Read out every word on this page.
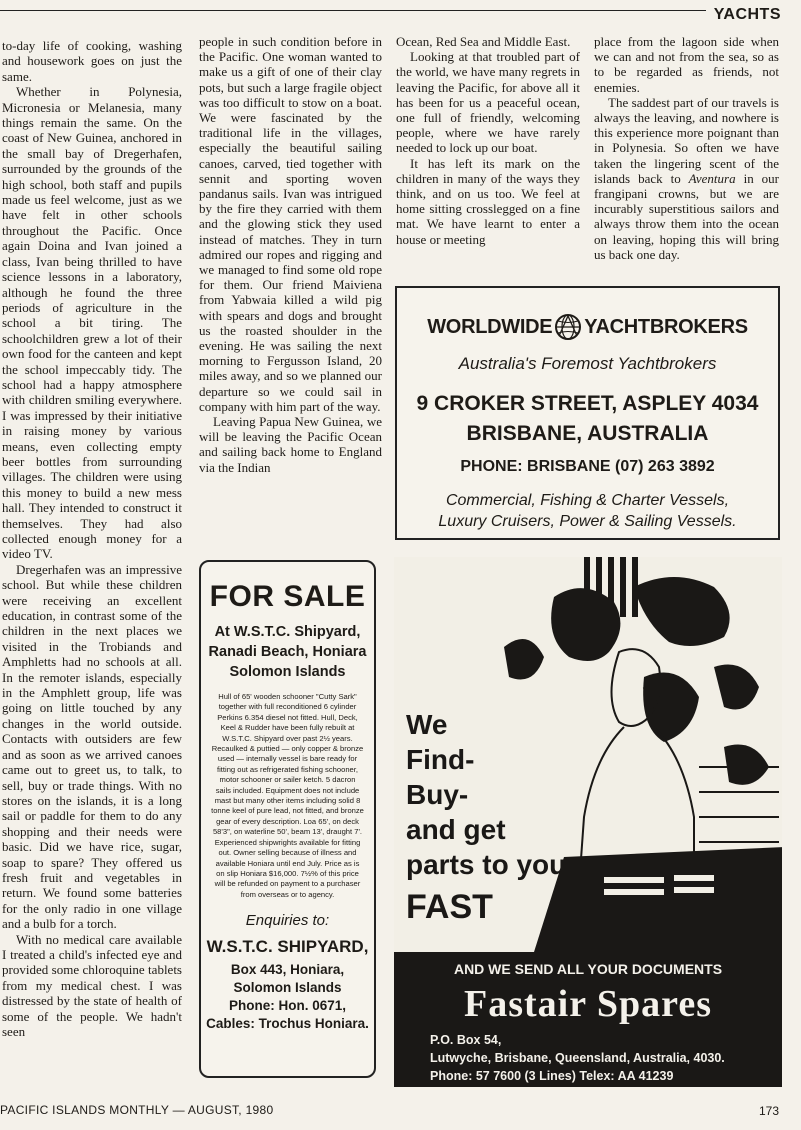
YACHTS

to-day life of cooking, washing and housework goes on just the same.

Whether in Polynesia, Micronesia or Melanesia, many things remain the same. On the coast of New Guinea, anchored in the small bay of Dregerhafen, surrounded by the grounds of the high school, both staff and pupils made us feel welcome, just as we have felt in other schools throughout the Pacific. Once again Doina and Ivan joined a class, Ivan being thrilled to have science lessons in a laboratory, although he found the three periods of agriculture in the school a bit tiring. The schoolchildren grew a lot of their own food for the canteen and kept the school impeccably tidy. The school had a happy atmosphere with children smiling everywhere. I was impressed by their initiative in raising money by various means, even collecting empty beer bottles from surrounding villages. The children were using this money to build a new mess hall. They intended to construct it themselves. They had also collected enough money for a video TV.

Dregerhafen was an impressive school. But while these children were receiving an excellent education, in contrast some of the children in the next places we visited in the Trobiands and Amphletts had no schools at all. In the remoter islands, especially in the Amphlett group, life was going on little touched by any changes in the world outside. Contacts with outsiders are few and as soon as we arrived canoes came out to greet us, to talk, to sell, buy or trade things. With no stores on the islands, it is a long sail or paddle for them to do any shopping and their needs were basic. Did we have rice, sugar, soap to spare? They offered us fresh fruit and vegetables in return. We found some batteries for the only radio in one village and a bulb for a torch.

With no medical care available I treated a child's infected eye and provided some chloroquine tablets from my medical chest. I was distressed by the state of health of some of the people. We hadn't seen

people in such condition before in the Pacific. One woman wanted to make us a gift of one of their clay pots, but such a large fragile object was too difficult to stow on a boat. We were fascinated by the traditional life in the villages, especially the beautiful sailing canoes, carved, tied together with sennit and sporting woven pandanus sails. Ivan was intrigued by the fire they carried with them and the glowing stick they used instead of matches. They in turn admired our ropes and rigging and we managed to find some old rope for them. Our friend Maiviena from Yabwaia killed a wild pig with spears and dogs and brought us the roasted shoulder in the evening. He was sailing the next morning to Fergusson Island, 20 miles away, and so we planned our departure so we could sail in company with him part of the way.

Leaving Papua New Guinea, we will be leaving the Pacific Ocean and sailing back home to England via the Indian

Ocean, Red Sea and Middle East.

Looking at that troubled part of the world, we have many regrets in leaving the Pacific, for above all it has been for us a peaceful ocean, one full of friendly, welcoming people, where we have rarely needed to lock up our boat.

It has left its mark on the children in many of the ways they think, and on us too. We feel at home sitting crosslegged on a fine mat. We have learnt to enter a house or meeting

place from the lagoon side when we can and not from the sea, so as to be regarded as friends, not enemies.

The saddest part of our travels is always the leaving, and nowhere is this experience more poignant than in Polynesia. So often we have taken the lingering scent of the islands back to Aventura in our frangipani crowns, but we are incurably superstitious sailors and always throw them into the ocean on leaving, hoping this will bring us back one day.

WORLDWIDE YACHTBROKERS
Australia's Foremost Yachtbrokers
9 CROKER STREET, ASPLEY 4034
BRISBANE, AUSTRALIA
PHONE: BRISBANE (07) 263 3892
Commercial, Fishing & Charter Vessels,
Luxury Cruisers, Power & Sailing Vessels.
FOR SALE
At W.S.T.C. Shipyard,
Ranadi Beach, Honiara
Solomon Islands
Hull of 65' wooden schooner "Cutty Sark" together with full reconditioned 6 cylinder Perkins 6.354 diesel not fitted. Hull, Deck, Keel & Rudder have been fully rebuilt at W.S.T.C. Shipyard over past 2½ years. Recaulked & puttied — only copper & bronze used — internally vessel is bare ready for fitting out as refrigerated fishing schooner, motor schooner or sailer ketch. 5 dacron sails included. Equipment does not include mast but many other items including solid 8 tonne keel of pure lead, not fitted, and bronze gear of every description. Loa 65', on deck 58'3", on waterline 50', beam 13', draught 7'. Experienced shipwrights available for fitting out. Owner selling because of illness and available Honiara until end July. Price as is on slip Honiara $16,000. 7½% of this price will be refunded on payment to a purchaser from overseas or to agency.
Enquiries to:
W.S.T.C. SHIPYARD,
Box 443, Honiara,
Solomon Islands
Phone: Hon. 0671,
Cables: Trochus Honiara.
We
Find-
Buy-
and get
parts to you
FAST
AND WE SEND ALL YOUR DOCUMENTS
Fastair Spares
P.O. Box 54,
Lutwyche, Brisbane, Queensland, Australia, 4030.
Phone: 57 7600 (3 Lines) Telex: AA 41239
PACIFIC ISLANDS MONTHLY — AUGUST, 1980	173
